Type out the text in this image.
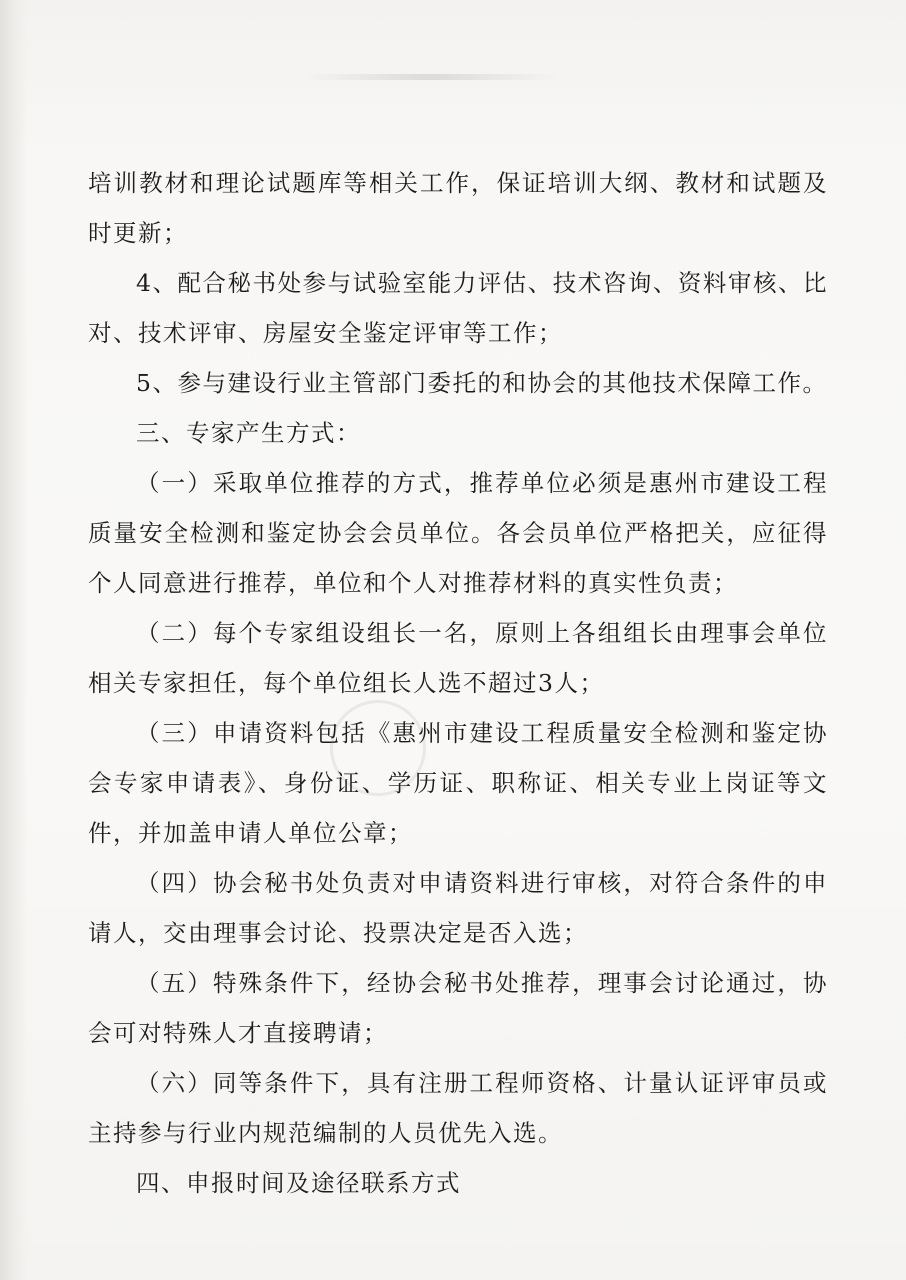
培训教材和理论试题库等相关工作，保证培训大纲、教材和试题及时更新；

4、配合秘书处参与试验室能力评估、技术咨询、资料审核、比对、技术评审、房屋安全鉴定评审等工作；

5、参与建设行业主管部门委托的和协会的其他技术保障工作。

三、专家产生方式：

（一）采取单位推荐的方式，推荐单位必须是惠州市建设工程质量安全检测和鉴定协会会员单位。各会员单位严格把关，应征得个人同意进行推荐，单位和个人对推荐材料的真实性负责；

（二）每个专家组设组长一名，原则上各组组长由理事会单位相关专家担任，每个单位组长人选不超过3人；

（三）申请资料包括《惠州市建设工程质量安全检测和鉴定协会专家申请表》、身份证、学历证、职称证、相关专业上岗证等文件，并加盖申请人单位公章；

（四）协会秘书处负责对申请资料进行审核，对符合条件的申请人，交由理事会讨论、投票决定是否入选；

（五）特殊条件下，经协会秘书处推荐，理事会讨论通过，协会可对特殊人才直接聘请；

（六）同等条件下，具有注册工程师资格、计量认证评审员或主持参与行业内规范编制的人员优先入选。

四、申报时间及途径联系方式
